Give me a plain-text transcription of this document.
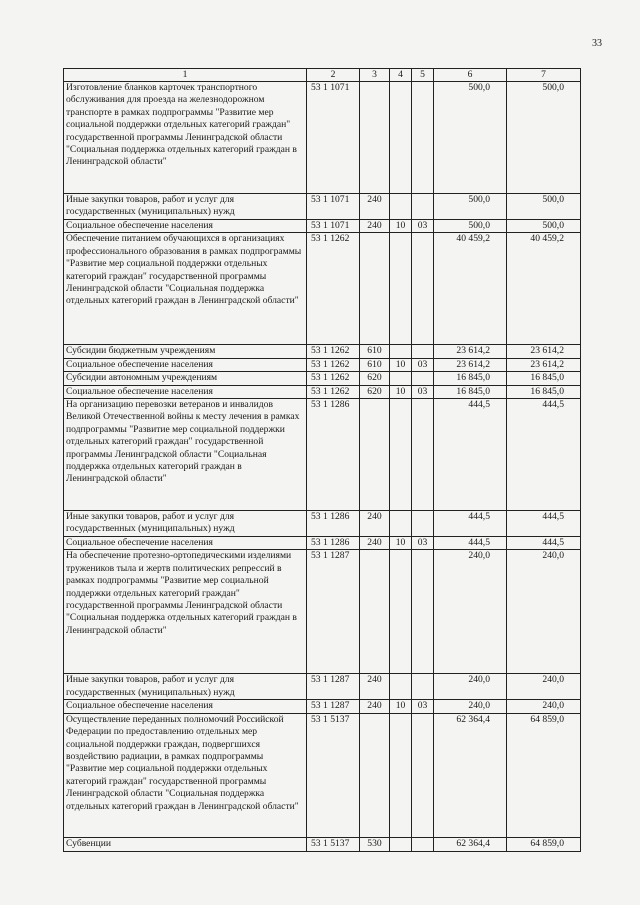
33
1	2	3	4	5	6	7
Изготовление бланков карточек транспортного обслуживания для проезда на железнодорожном транспорте в рамках подпрограммы "Развитие мер социальной поддержки отдельных категорий граждан" государственной программы Ленинградской области "Социальная поддержка отдельных категорий граждан в Ленинградской области"	53 1 1071				500,0	500,0
Иные закупки товаров, работ и услуг для государственных (муниципальных) нужд	53 1 1071	240			500,0	500,0
Социальное обеспечение населения	53 1 1071	240	10	03	500,0	500,0
Обеспечение питанием обучающихся в организациях профессионального образования в рамках подпрограммы "Развитие мер социальной поддержки отдельных категорий граждан" государственной программы Ленинградской области "Социальная поддержка отдельных категорий граждан в Ленинградской области"	53 1 1262				40 459,2	40 459,2
Субсидии бюджетным учреждениям	53 1 1262	610			23 614,2	23 614,2
Социальное обеспечение населения	53 1 1262	610	10	03	23 614,2	23 614,2
Субсидии автономным учреждениям	53 1 1262	620			16 845,0	16 845,0
Социальное обеспечение населения	53 1 1262	620	10	03	16 845,0	16 845,0
На организацию перевозки ветеранов и инвалидов Великой Отечественной войны к месту лечения в рамках подпрограммы "Развитие мер социальной поддержки отдельных категорий граждан" государственной программы Ленинградской области "Социальная поддержка отдельных категорий граждан в Ленинградской области"	53 1 1286				444,5	444,5
Иные закупки товаров, работ и услуг для государственных (муниципальных) нужд	53 1 1286	240			444,5	444,5
Социальное обеспечение населения	53 1 1286	240	10	03	444,5	444,5
На обеспечение протезно-ортопедическими изделиями тружеников тыла и жертв политических репрессий в рамках подпрограммы "Развитие мер социальной поддержки отдельных категорий граждан" государственной программы Ленинградской области "Социальная поддержка отдельных категорий граждан в Ленинградской области"	53 1 1287				240,0	240,0
Иные закупки товаров, работ и услуг для государственных (муниципальных) нужд	53 1 1287	240			240,0	240,0
Социальное обеспечение населения	53 1 1287	240	10	03	240,0	240,0
Осуществление переданных полномочий Российской Федерации по предоставлению отдельных мер социальной поддержки граждан, подвергшихся воздействию радиации, в рамках подпрограммы "Развитие мер социальной поддержки отдельных категорий граждан" государственной программы Ленинградской области "Социальная поддержка отдельных категорий граждан в Ленинградской области"	53 1 5137				62 364,4	64 859,0
Субвенции	53 1 5137	530			62 364,4	64 859,0
